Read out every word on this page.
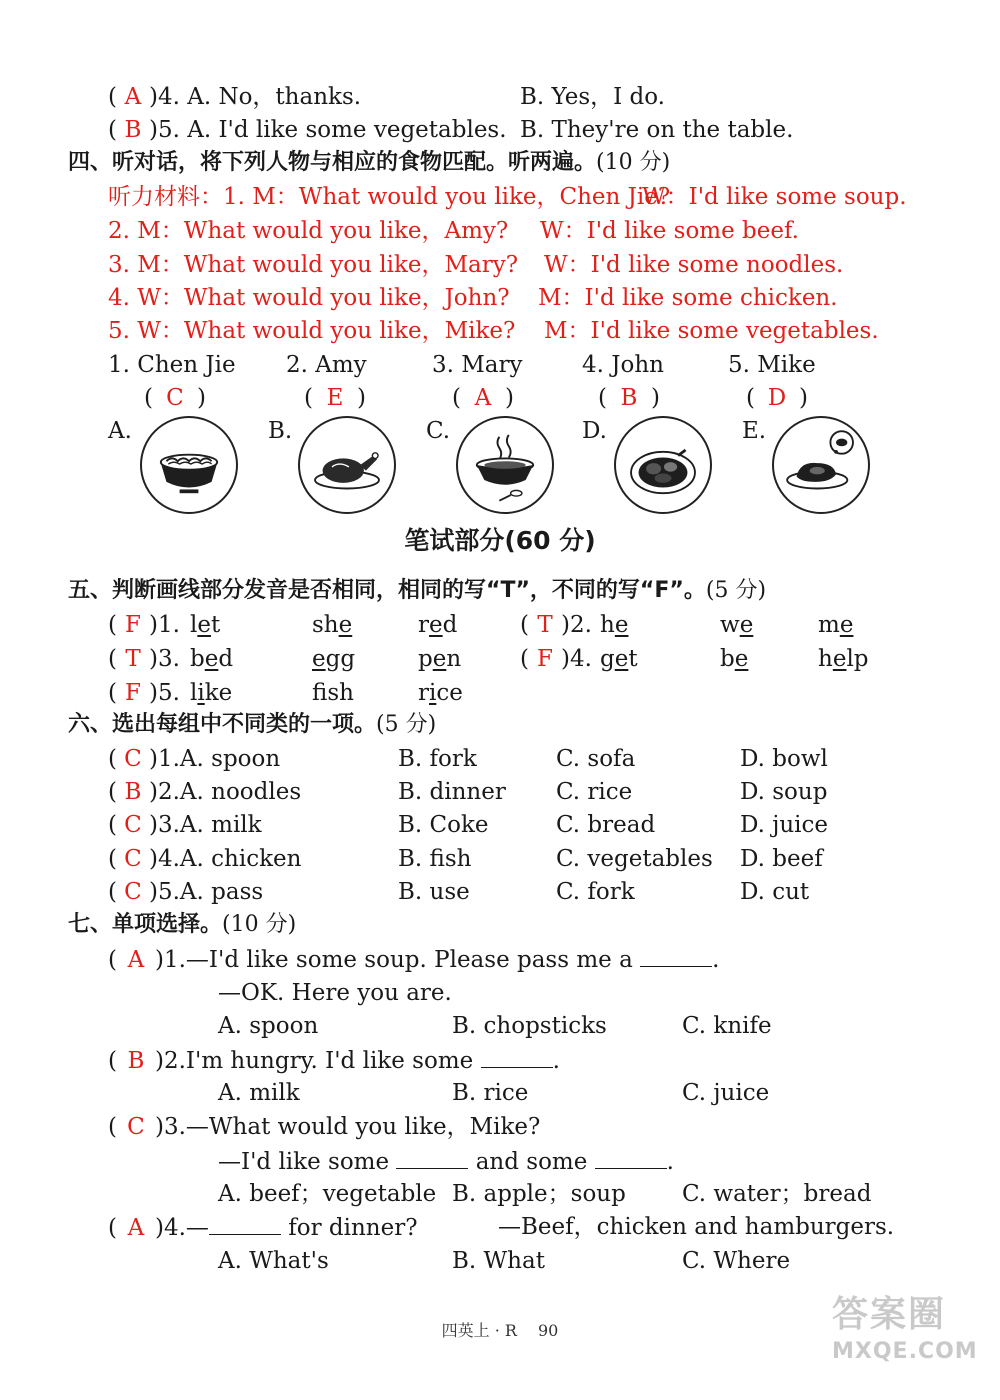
( A )4. A. No，thanks.	B. Yes，I do.
( B )5. A. I'd like some vegetables. B. They're on the table.
四、听对话，将下列人物与相应的食物匹配。听两遍。(10 分)
听力材料：1. M：What would you like，Chen Jie?
W：I'd like some soup.
2. M：What would you like，Amy? W：I'd like some beef.
3. M：What would you like，Mary? W：I'd like some noodles.
4. W：What would you like，John? M：I'd like some chicken.
5. W：What would you like，Mike? M：I'd like some vegetables.
1. Chen Jie 2. Amy	3. Mary	4. John	5. Mike
( C )	( E )	( A )	( B )	( D )
A.	B.	C.	D.	E.
笔试部分(60 分)
五、判断画线部分发音是否相同，相同的写“T”，不同的写“F”。(5 分)
( F )1. let	she	red	( T )2. he	we	me
( T )3. bed	egg	pen	( F )4. get	be	help
( F )5. like	fsh	rice
六、选出每组中不同类的一项。(5 分)
( C )1.A. spoon	B. fork	C. sofa	D. bowl
( B )2.A. noodles	B. dinner C. rice	D. soup
( C )3.A. milk	B. Coke	C. bread	D. juice
( C )4.A. chicken	B. fish	C. vegetables D. beef
( C )5.A. pass	B. use	C. fork	D. cut
七、单项选择。(10 分)
( A )1.—I'd like some soup. Please pass me a	.
—OK. Here you are.
A. spoon	B. chopsticks	C. knife
( B )2.I'm hungry. I'd like some	.
A. milk	B. rice	C. juice
( C )3.—What would you like，Mike?
—I'd like some	and some	.
A. beef；vegetable B. apple；soup C. water；bread
( A )4.—	for dinner?	—Beef，chicken and hamburgers.
A. What's	B. What	C. Where
四英上 · R　 90	答案圈
MXQE.COM
